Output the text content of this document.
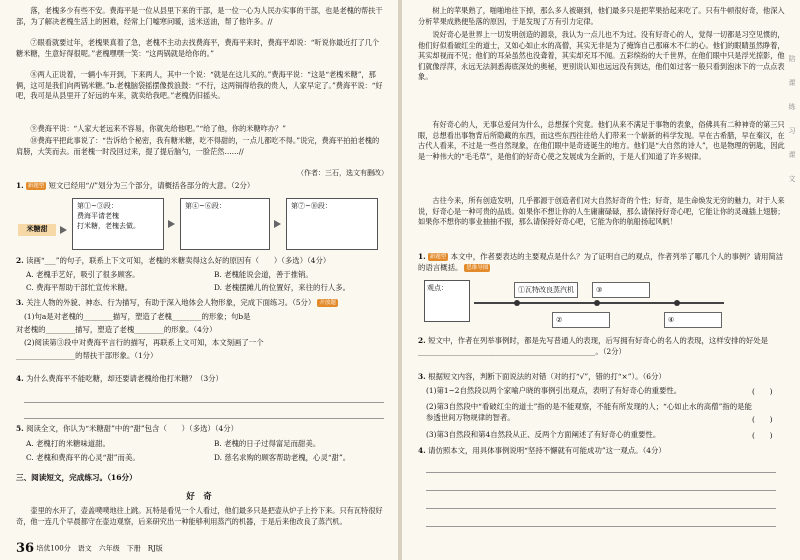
落，老槐多少有些不安。费海平是一位从县里下来的干部，是一位一心为人民办实事的干部，也是老槐的帮扶干部，为了解决老槐生活上的困难，经常上门嘘寒问暖，送米送油，帮了他许多。//

⑦眼看就要过年，老槐果真着了急，老槐不主动去找费海平，费海平来时，费海平却说：“听说你最近打了几个糖米糖，生意好得很呢。”老槐嘿嘿一笑：“这两锅就是给你的。”

⑧两人正说着，一辆小车开到，下来两人，其中一个说：“就是在这儿买的。”费海平说：“这是“老槐米糖”，那俩，这可是我们向两锅米糖。”b.老槐脑袋摇摆像拨浪鼓：“不行，这两锅得给我的贵人，人家早定了。”费海平说：“好吧，我可是从县里开了好远的车来，就卖给我吧。”老槐仍旧摇头。

⑨费海平说：“人家大老远来不容易，你就先给他吧。”“给了他，你的米糖咋办？”

⑩费海平把此事说了：“告诉给个秘密，我有糖米糖，吃不得甜的，一点儿都吃不得。”说完，费海平拍拍老槐的肩膀，大笑而去。而老槐一时没回过来，提了提后脑勺，一脸茫然……//

（作者：三石，选文有删改）
1. 新题型 短文已经用“//”划分为三个部分，请概括各部分的大意。（2分）
米糖甜
第①~③段：
费海平请老槐
打米糖，老槐去做。
第④~⑥段：	第⑦~⑩段：
2. 读画“___”的句子，联系上下文可知，老槐的米糖卖得这么好的原因有（　　）（多选）（4分）
A. 老槐手艺好，吸引了很多顾客。	B. 老槐能说会道，善于推销。
C. 费海平帮助干部忙宣传米糖。	D. 老槐摆摊儿的位置好，来往的行人多。
3. 关注人物的外貌、神态、行为描写，有助于深入地体会人物形象，完成下面练习。（5分） 开放题
(1)句a是对老槐的________描写，塑造了老槐________的形象；句b是
对老槐的________描写，塑造了老槐________的形象。（4分）
(2)阅读第③段中对费海平言行的描写，再联系上文可知，本文刻画了一个
________________的帮扶干部形象。（1分）
4. 为什么费海平不能吃糖，却还要请老槐给他打米糖？（3分）
5. 阅读全文，你认为“米糖甜”中的“甜”包含（　　）（多选）（4分）
A. 老槐打的米糖味道甜。	B. 老槐的日子过得富足而甜美。
C. 老槐和费海平的心灵“甜”而美。	D. 慈名求购的顾客帮助老槐，心灵“甜”。
三、阅读短文，完成练习。（16分）
好　奇

壶里的水开了，壶盖噗噗地往上跳。瓦特是看见一个人看过，他们最多只是把壶从炉子上拎下来。只有瓦特很好奇，他一连几个早晨都守在壶边观察，后来研究出一种能够利用蒸汽的机器，于是后来他改良了蒸汽机。

36 培优100分　语文　六年级　下册　RJ版

树上的苹果熟了，啪啪地往下掉，那么多人被砸到，他们最多只是把苹果拾起来吃了。只有牛顿很好奇，他深入分析苹果成熟便坠落的原因，于是发现了万有引力定律。

说好奇心是世界上一切发明创造的源泉，我认为一点儿也不为过。没有好奇心的人，觉得一切都是习空见惯的，他们好似看破红尘的道士，又如心如止水的高僧，其实无非是为了掩饰自己那麻木不仁的心。他们的眼睛虽然睁着，其实却视而不见；他们的耳朵虽然也没聋着，其实却充耳不闻。五彩缤纷的大千世界，在他们眼中只是浮光掠影，他们就像浮萍，永远无法洞悉海底深处的奥秘，更别说认知也远远没有到达，他们如过客一般只看到泡沫下的一点点表象。

有好奇心的人，无事总爱问为什么，总想探个究竟。他们从来不满足于事物的表象，俗佛具有二种神奇的第三只眼，总想看出事物背后所隐藏的东西，而这些东西往往给人们带来一个崭新的科学发现。早在古希腊，早在秦汉，在古代人看来，不过是一些自然现象，在他们眼中是奇迹诞生的地方。他们是“大自然的诗人”，也是物理的钥匙，因此是一种伟大的“毛毛草”，是他们的好奇心使之发展成为全新的，于是人们知道了许多规律。

古往今来，所有创造发明，几乎都源于创造者们对大自然好奇的个性；好奇，是生命焕发无穷的魅力，对于人来说，好奇心是一种可贵的品质。如果你不想让你的人生庸庸碌碌，那么请保持好奇心吧，它能让你的灵魂插上翅膀；如果你不想你的事业抽抽不振，那么请保持好奇心吧，它能为你的航船扬起风帆！

1. 新题型 本文中，作者要表达的主要观点是什么？为了证明自己的观点，作者列举了哪几个人的事例？请用简洁的语言概括。 思维导图
观点：	①瓦特改良蒸汽机	③
②	④
2. 短文中，作者在列举事例时，都是先写普通人的表现，后写拥有好奇心的名人的表现，这样安排的好处是________________________________________________。（2分）
3. 根据短文内容，判断下面说法的对错（对的打“√”，错的打“×”）。（6分）
(1)第1~2自然段以两个家喻户晓的事例引出观点，表明了有好奇心的重要性。	(　　)
(2)第3自然段中“看破红尘的道士”指的是不能观察，不能有所发现的人；“心如止水的高僧”指的是能参透世间万物规律的智者。	(　　)
(3)第3自然段和第4自然段从正、反两个方面阐述了有好奇心的重要性。	(　　)
4. 请仿照本文，用具体事例说明“坚持不懈就有可能成功”这一观点。（4分）
陪
课
练
习
课
文
